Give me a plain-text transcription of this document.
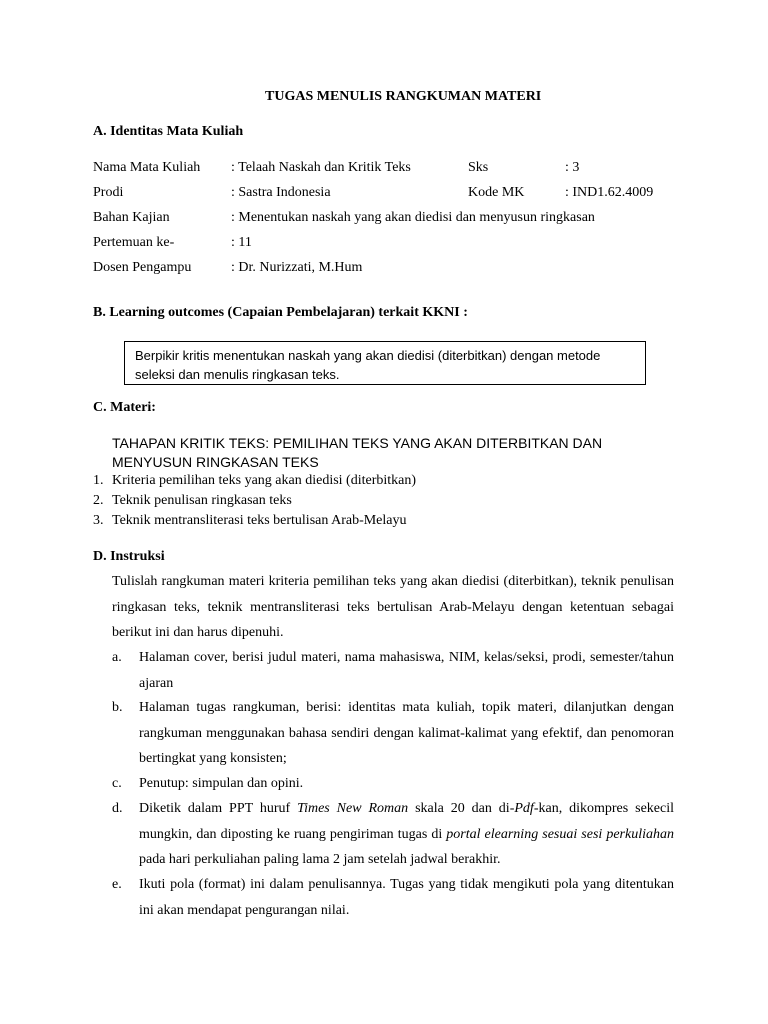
TUGAS MENULIS RANGKUMAN MATERI
A. Identitas Mata Kuliah
Nama Mata Kuliah : Telaah Naskah dan Kritik Teks	Sks	: 3
Prodi	: Sastra Indonesia	Kode MK	: IND1.62.4009
Bahan Kajian	: Menentukan naskah yang akan diedisi dan menyusun ringkasan
Pertemuan ke-	: 11
Dosen Pengampu	: Dr. Nurizzati, M.Hum
B. Learning outcomes (Capaian Pembelajaran) terkait KKNI :
Berpikir kritis menentukan naskah yang akan diedisi (diterbitkan) dengan metode seleksi dan menulis ringkasan teks.
C. Materi:
TAHAPAN KRITIK TEKS: PEMILIHAN TEKS YANG AKAN DITERBITKAN DAN
MENYUSUN RINGKASAN TEKS
1. Kriteria pemilihan teks yang akan diedisi (diterbitkan)
2. Teknik penulisan ringkasan teks
3. Teknik mentransliterasi teks bertulisan Arab-Melayu
D. Instruksi
Tulislah rangkuman materi kriteria pemilihan teks yang akan diedisi (diterbitkan), teknik penulisan ringkasan teks, teknik mentransliterasi teks bertulisan Arab-Melayu dengan ketentuan sebagai berikut ini dan harus dipenuhi.
a. Halaman cover, berisi judul materi, nama mahasiswa, NIM, kelas/seksi, prodi, semester/tahun ajaran
b. Halaman tugas rangkuman, berisi: identitas mata kuliah, topik materi, dilanjutkan dengan rangkuman menggunakan bahasa sendiri dengan kalimat-kalimat yang efektif, dan penomoran bertingkat yang konsisten;
c. Penutup: simpulan dan opini.
d. Diketik dalam PPT huruf Times New Roman skala 20 dan di-Pdf-kan, dikompres sekecil mungkin, dan diposting ke ruang pengiriman tugas di portal elearning sesuai sesi perkuliahan pada hari perkuliahan paling lama 2 jam setelah jadwal berakhir.
e. Ikuti pola (format) ini dalam penulisannya. Tugas yang tidak mengikuti pola yang ditentukan ini akan mendapat pengurangan nilai.
